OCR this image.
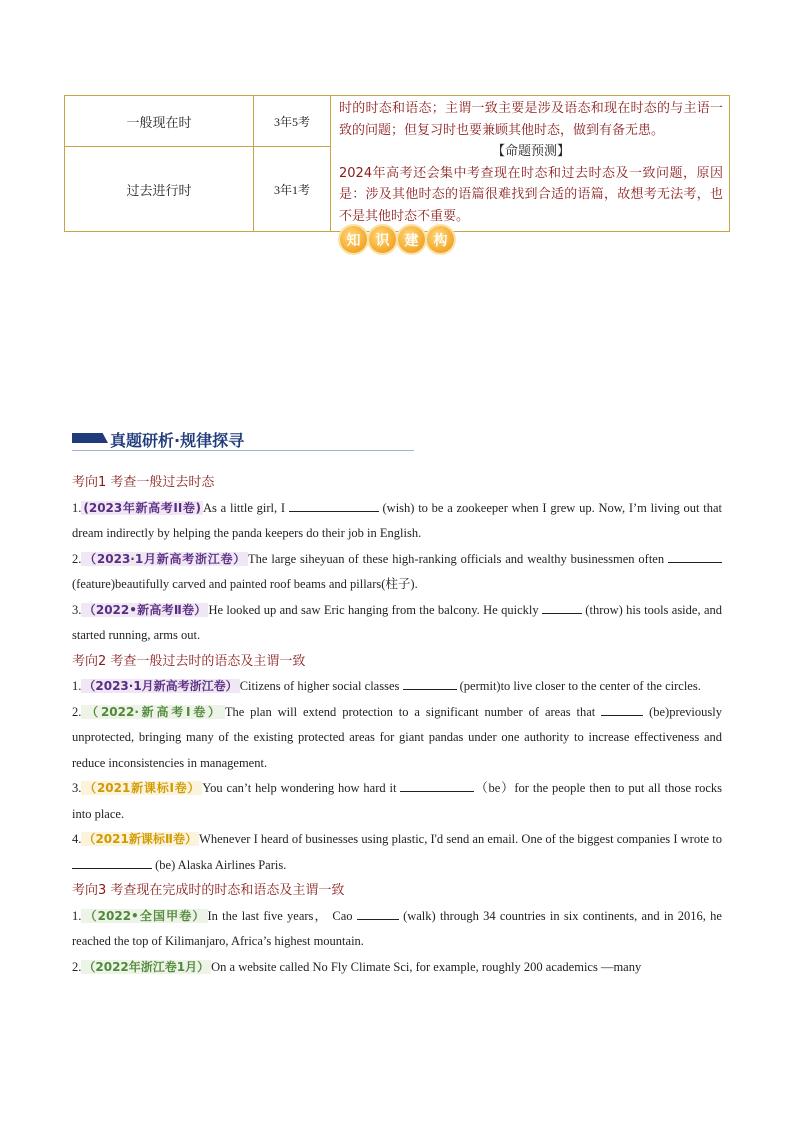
一般现在时	3年5考	时的时态和语态；主谓一致主要是涉及语态和现在时态的与主语一致的问题；但复习时也要兼顾其他时态，做到有备无患。
【命题预测】
2024年高考还会集中考查现在时态和过去时态及一致问题，原因是：涉及其他时态的语篇很难找到合适的语篇，故想考无法考，也不是其他时态不重要。

过去进行时	3年1考	
知	识	建	构
真题研析·规律探寻

考向1 考查一般过去时态

1. (2023年新高考II卷) As a little girl, I	(wish) to be a zookeeper when I grew up. Now, I’m living out that dream indirectly by helping the panda keepers do their job in English.

2. （2023·1月新高考浙江卷） The large siheyuan of these high-ranking officials and wealthy businessmen often  (feature)beautifully carved and painted roof beams and pillars(柱子).

3. （2022•新高考Ⅱ卷） He looked up and saw Eric hanging from the balcony. He quickly	(throw) his tools aside, and started running, arms out.

考向2 考查一般过去时的语态及主谓一致

1. （2023·1月新高考浙江卷） Citizens of higher social classes	(permit)to live closer to the center of the circles.

2. （2022·新高考Ⅰ卷） The plan will extend protection to a significant number of areas that	(be)previously unprotected, bringing many of the existing protected areas for giant pandas under one authority to increase effectiveness and reduce inconsistencies in management.

3. （2021新课标Ⅰ卷） You can’t help wondering how hard it	（be）for the people then to put all those rocks into place.

4. （2021新课标Ⅱ卷） Whenever I heard of businesses using plastic, I'd send an email. One of the biggest companies I wrote to  (be) Alaska Airlines Paris.

考向3 考查现在完成时的时态和语态及主谓一致

1. （2022•全国甲卷） In the last five years， Cao	(walk) through 34 countries in six continents, and in 2016, he reached the top of Kilimanjaro, Africa’s highest mountain.

2. （2022年浙江卷1月） On a website called No Fly Climate Sci, for example, roughly 200 academics —many
